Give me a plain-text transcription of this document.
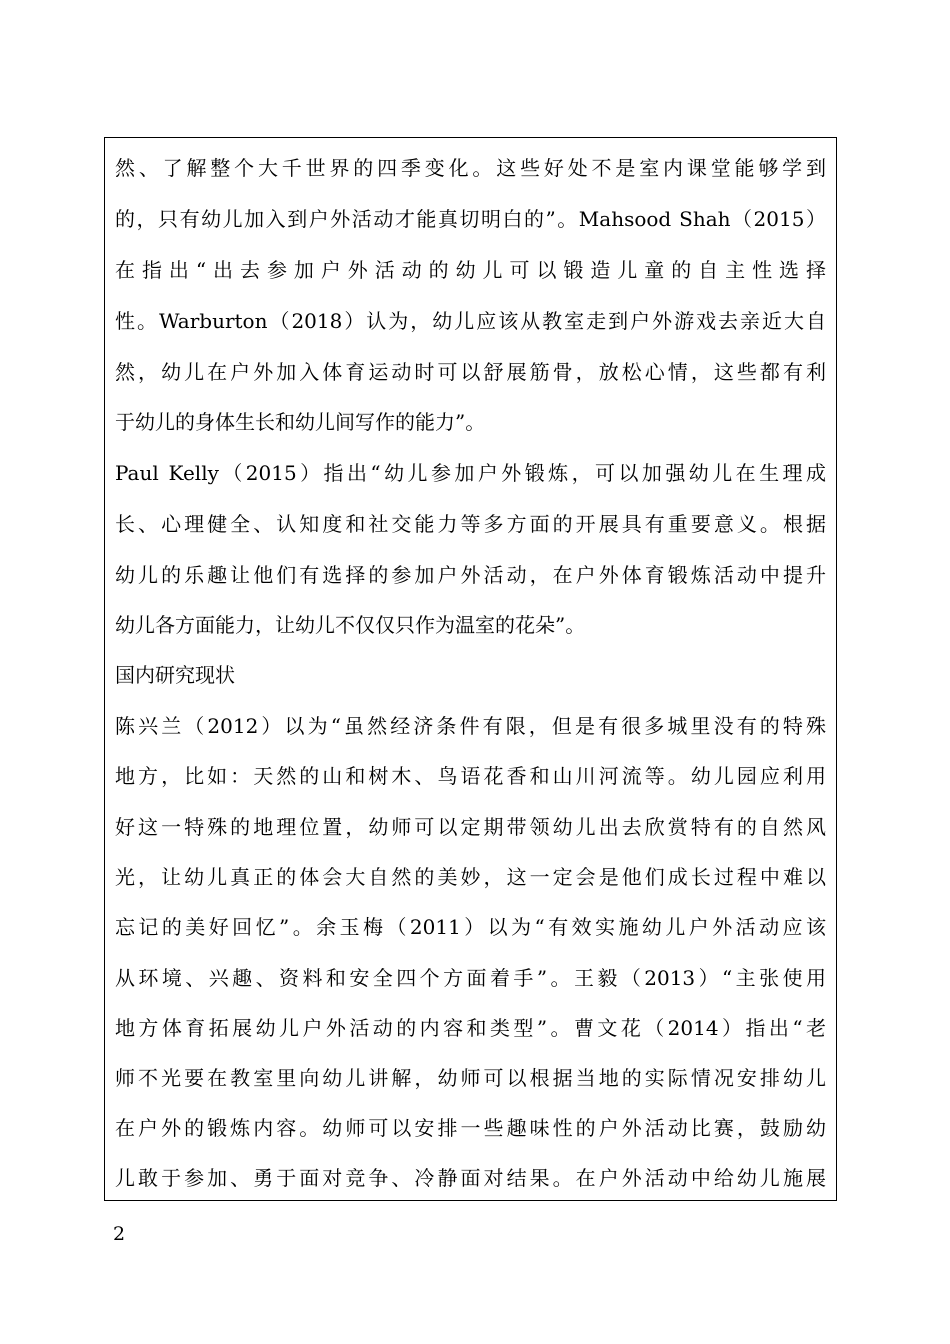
然、了解整个大千世界的四季变化。这些好处不是室内课堂能够学到
的，只有幼儿加入到户外活动才能真切明白的”。Mahsood Shah（2015）
在指出“出去参加户外活动的幼儿可以锻造儿童的自主性选择
性。Warburton（2018）认为，幼儿应该从教室走到户外游戏去亲近大自
然，幼儿在户外加入体育运动时可以舒展筋骨，放松心情，这些都有利
于幼儿的身体生长和幼儿间写作的能力”。
Paul Kelly（2015）指出“幼儿参加户外锻炼，可以加强幼儿在生理成
长、心理健全、认知度和社交能力等多方面的开展具有重要意义。根据
幼儿的乐趣让他们有选择的参加户外活动，在户外体育锻炼活动中提升
幼儿各方面能力，让幼儿不仅仅只作为温室的花朵”。
国内研究现状
陈兴兰（2012）以为“虽然经济条件有限，但是有很多城里没有的特殊
地方，比如：天然的山和树木、鸟语花香和山川河流等。幼儿园应利用
好这一特殊的地理位置，幼师可以定期带领幼儿出去欣赏特有的自然风
光，让幼儿真正的体会大自然的美妙，这一定会是他们成长过程中难以
忘记的美好回忆”。余玉梅（2011）以为“有效实施幼儿户外活动应该
从环境、兴趣、资料和安全四个方面着手”。王毅（2013）“主张使用
地方体育拓展幼儿户外活动的内容和类型”。曹文花（2014）指出“老
师不光要在教室里向幼儿讲解，幼师可以根据当地的实际情况安排幼儿
在户外的锻炼内容。幼师可以安排一些趣味性的户外活动比赛，鼓励幼
儿敢于参加、勇于面对竞争、冷静面对结果。在户外活动中给幼儿施展
2
